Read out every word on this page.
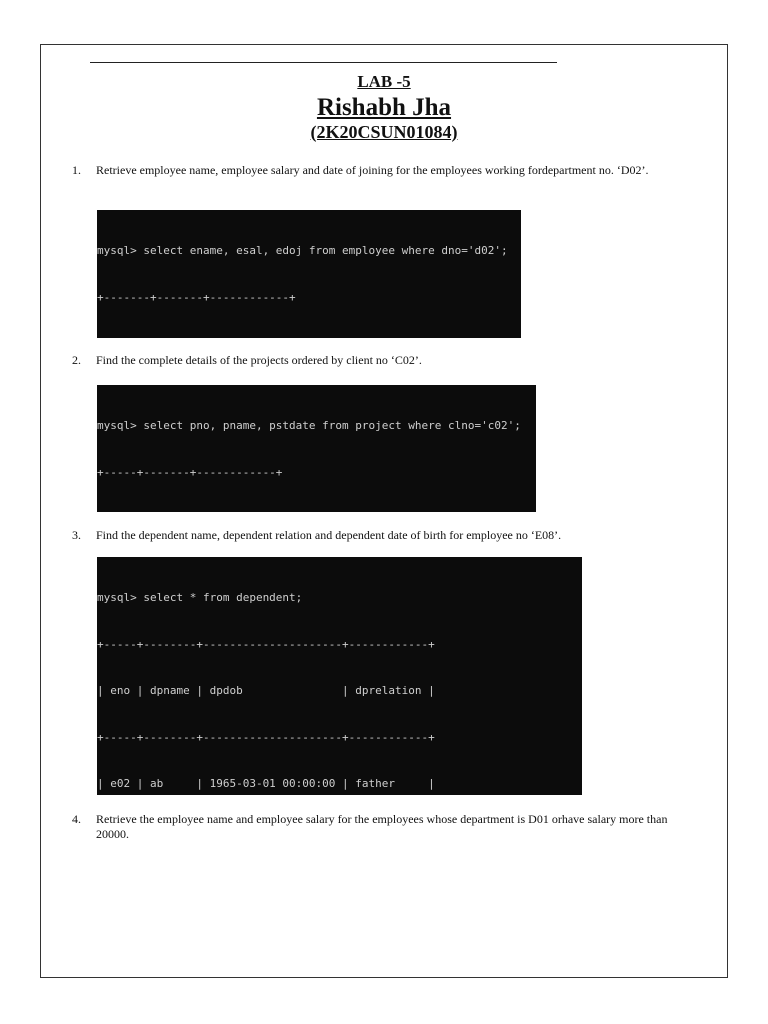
LAB -5
Rishabh Jha
(2K20CSUN01084)
1.	Retrieve employee name, employee salary and date of joining for the employees working fordepartment no. ‘D02’.

mysql> select ename, esal, edoj from employee where dno='d02';

+-------+-------+------------+

2.	Find the complete details of the projects ordered by client no ‘C02’.

mysql> select pno, pname, pstdate from project where clno='c02';

+-----+-------+------------+

3.	Find the dependent name, dependent relation and dependent date of birth for employee no ‘E08’.

mysql> select * from dependent;

+-----+--------+---------------------+------------+

| eno | dpname | dpdob               | dprelation |

+-----+--------+---------------------+------------+

| e02 | ab     | 1965-03-01 00:00:00 | father     |

4.	Retrieve the employee name and employee salary for the employees whose department is D01 orhave salary more than 20000.
